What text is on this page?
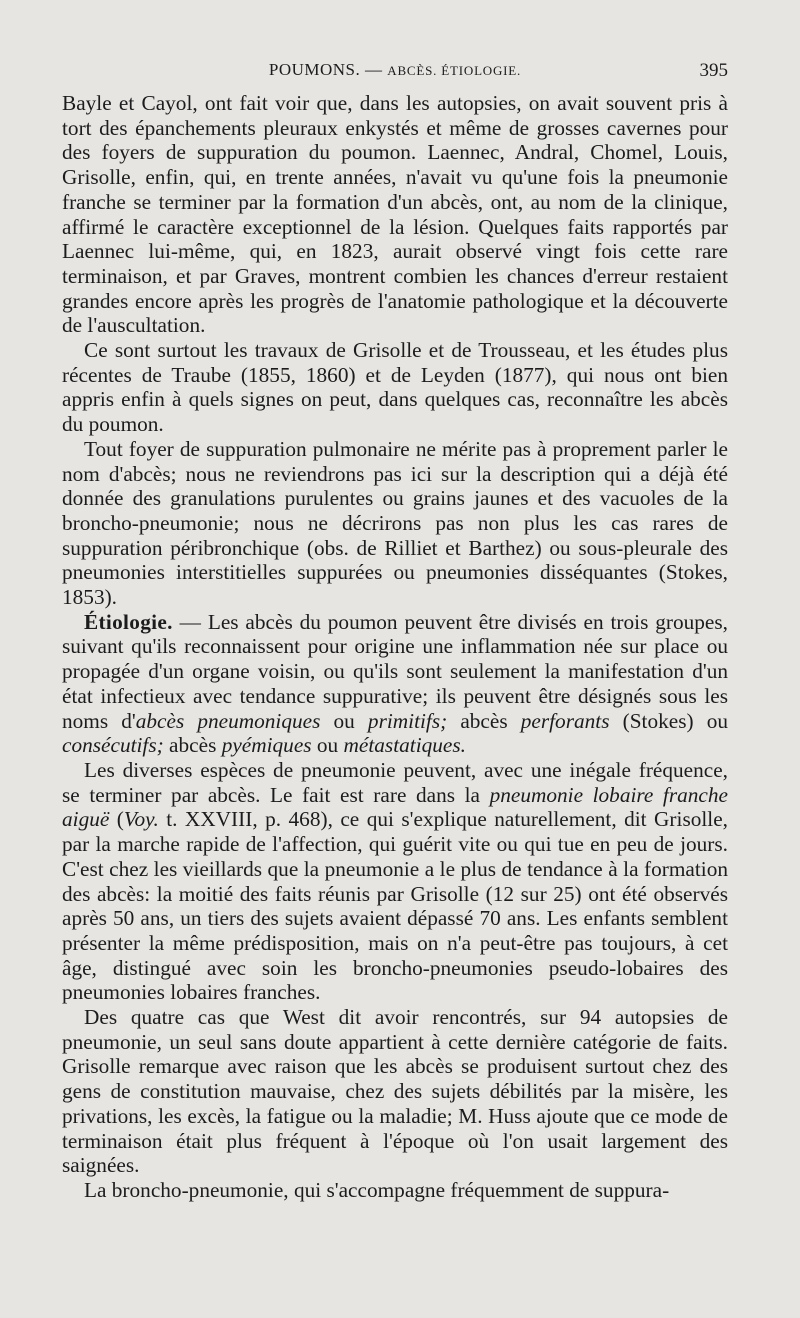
POUMONS. — ABCÈS. ÉTIOLOGIE.	395

Bayle et Cayol, ont fait voir que, dans les autopsies, on avait souvent pris à tort des épanchements pleuraux enkystés et même de grosses cavernes pour des foyers de suppuration du poumon. Laennec, Andral, Chomel, Louis, Grisolle, enfin, qui, en trente années, n'avait vu qu'une fois la pneumonie franche se terminer par la formation d'un abcès, ont, au nom de la clinique, affirmé le caractère exceptionnel de la lésion. Quelques faits rapportés par Laennec lui-même, qui, en 1823, aurait observé vingt fois cette rare terminaison, et par Graves, montrent combien les chances d'erreur restaient grandes encore après les progrès de l'anatomie pathologique et la découverte de l'auscultation.

Ce sont surtout les travaux de Grisolle et de Trousseau, et les études plus récentes de Traube (1855, 1860) et de Leyden (1877), qui nous ont bien appris enfin à quels signes on peut, dans quelques cas, reconnaître les abcès du poumon.

Tout foyer de suppuration pulmonaire ne mérite pas à proprement parler le nom d'abcès; nous ne reviendrons pas ici sur la description qui a déjà été donnée des granulations purulentes ou grains jaunes et des vacuoles de la broncho-pneumonie; nous ne décrirons pas non plus les cas rares de suppuration péribronchique (obs. de Rilliet et Barthez) ou sous-pleurale des pneumonies interstitielles suppurées ou pneumonies disséquantes (Stokes, 1853).

Étiologie. — Les abcès du poumon peuvent être divisés en trois groupes, suivant qu'ils reconnaissent pour origine une inflammation née sur place ou propagée d'un organe voisin, ou qu'ils sont seulement la manifestation d'un état infectieux avec tendance suppurative; ils peuvent être désignés sous les noms d'abcès pneumoniques ou primitifs; abcès perforants (Stokes) ou consécutifs; abcès pyémiques ou métastatiques.

Les diverses espèces de pneumonie peuvent, avec une inégale fréquence, se terminer par abcès. Le fait est rare dans la pneumonie lobaire franche aiguë (Voy. t. XXVIII, p. 468), ce qui s'explique naturellement, dit Grisolle, par la marche rapide de l'affection, qui guérit vite ou qui tue en peu de jours. C'est chez les vieillards que la pneumonie a le plus de tendance à la formation des abcès: la moitié des faits réunis par Grisolle (12 sur 25) ont été observés après 50 ans, un tiers des sujets avaient dépassé 70 ans. Les enfants semblent présenter la même prédisposition, mais on n'a peut-être pas toujours, à cet âge, distingué avec soin les broncho-pneumonies pseudo-lobaires des pneumonies lobaires franches.

Des quatre cas que West dit avoir rencontrés, sur 94 autopsies de pneumonie, un seul sans doute appartient à cette dernière catégorie de faits. Grisolle remarque avec raison que les abcès se produisent surtout chez des gens de constitution mauvaise, chez des sujets débilités par la misère, les privations, les excès, la fatigue ou la maladie; M. Huss ajoute que ce mode de terminaison était plus fréquent à l'époque où l'on usait largement des saignées.

La broncho-pneumonie, qui s'accompagne fréquemment de suppura-
